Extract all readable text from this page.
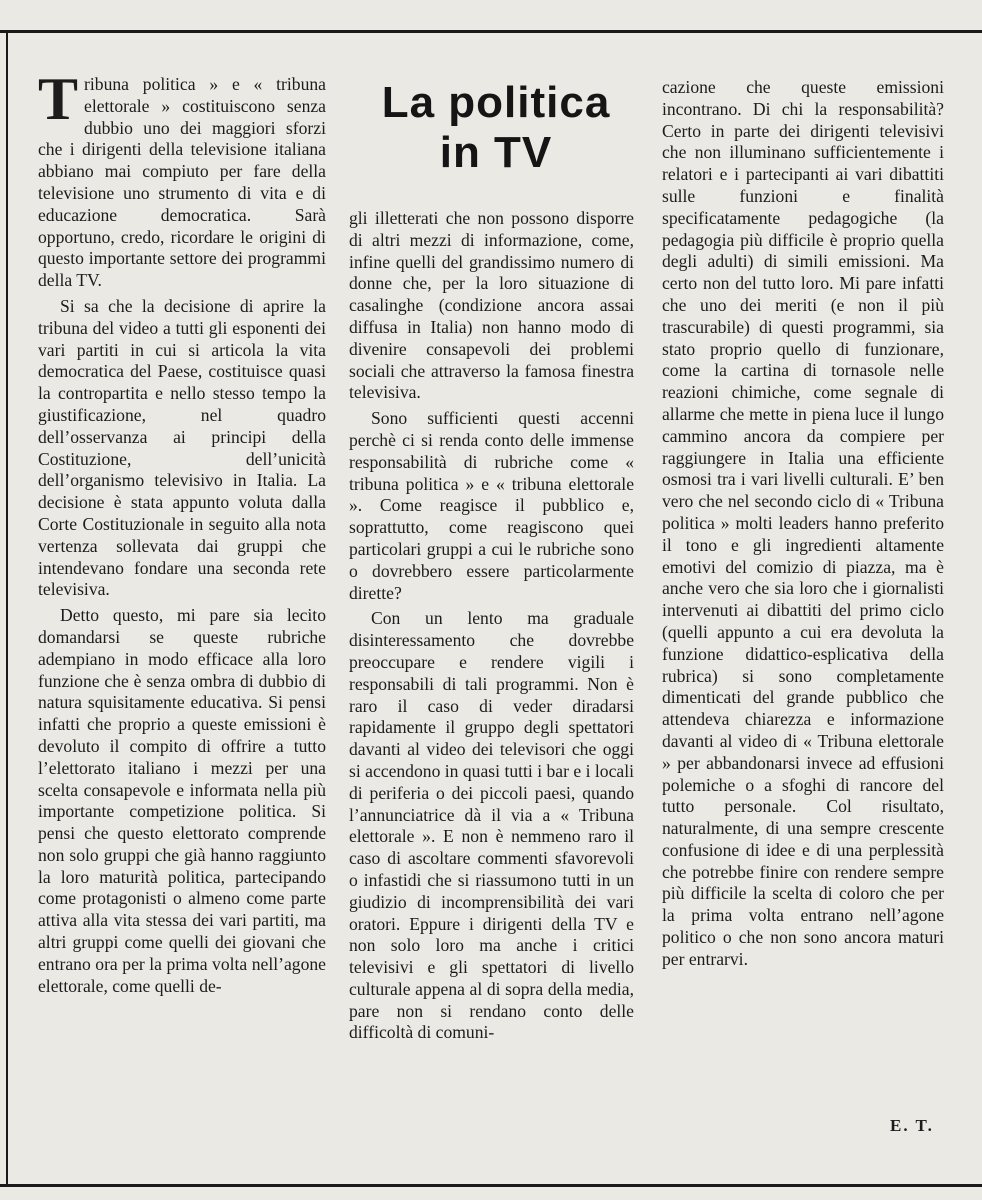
La politica
in TV

Tribuna politica » e « tribuna elettorale » costituiscono senza dubbio uno dei maggiori sforzi che i dirigenti della televisione italiana abbiano mai compiuto per fare della televisione uno strumento di vita e di educazione democratica. Sarà opportuno, credo, ricordare le origini di questo importante settore dei programmi della TV.

Si sa che la decisione di aprire la tribuna del video a tutti gli esponenti dei vari partiti in cui si articola la vita democratica del Paese, costituisce quasi la contropartita e nello stesso tempo la giustificazione, nel quadro dell’osservanza ai principi della Costituzione, dell’unicità dell’organismo televisivo in Italia. La decisione è stata appunto voluta dalla Corte Costituzionale in seguito alla nota vertenza sollevata dai gruppi che intendevano fondare una seconda rete televisiva.

Detto questo, mi pare sia lecito domandarsi se queste rubriche adempiano in modo efficace alla loro funzione che è senza ombra di dubbio di natura squisitamente educativa. Si pensi infatti che proprio a queste emissioni è devoluto il compito di offrire a tutto l’elettorato italiano i mezzi per una scelta consapevole e informata nella più importante competizione politica. Si pensi che questo elettorato comprende non solo gruppi che già hanno raggiunto la loro maturità politica, partecipando come protagonisti o almeno come parte attiva alla vita stessa dei vari partiti, ma altri gruppi come quelli dei giovani che entrano ora per la prima volta nell’agone elettorale, come quelli de-

gli illetterati che non possono disporre di altri mezzi di informazione, come, infine quelli del grandissimo numero di donne che, per la loro situazione di casalinghe (condizione ancora assai diffusa in Italia) non hanno modo di divenire consapevoli dei problemi sociali che attraverso la famosa finestra televisiva.

Sono sufficienti questi accenni perchè ci si renda conto delle immense responsabilità di rubriche come « tribuna politica » e « tribuna elettorale ». Come reagisce il pubblico e, soprattutto, come reagiscono quei particolari gruppi a cui le rubriche sono o dovrebbero essere particolarmente dirette?

Con un lento ma graduale disinteressamento che dovrebbe preoccupare e rendere vigili i responsabili di tali programmi. Non è raro il caso di veder diradarsi rapidamente il gruppo degli spettatori davanti al video dei televisori che oggi si accendono in quasi tutti i bar e i locali di periferia o dei piccoli paesi, quando l’annunciatrice dà il via a « Tribuna elettorale ». E non è nemmeno raro il caso di ascoltare commenti sfavorevoli o infastidi che si riassumono tutti in un giudizio di incomprensibilità dei vari oratori. Eppure i dirigenti della TV e non solo loro ma anche i critici televisivi e gli spettatori di livello culturale appena al di sopra della media, pare non si rendano conto delle difficoltà di comuni-

cazione che queste emissioni incontrano. Di chi la responsabilità? Certo in parte dei dirigenti televisivi che non illuminano sufficientemente i relatori e i partecipanti ai vari dibattiti sulle funzioni e finalità specificatamente pedagogiche (la pedagogia più difficile è proprio quella degli adulti) di simili emissioni. Ma certo non del tutto loro. Mi pare infatti che uno dei meriti (e non il più trascurabile) di questi programmi, sia stato proprio quello di funzionare, come la cartina di tornasole nelle reazioni chimiche, come segnale di allarme che mette in piena luce il lungo cammino ancora da compiere per raggiungere in Italia una efficiente osmosi tra i vari livelli culturali. E’ ben vero che nel secondo ciclo di « Tribuna politica » molti leaders hanno preferito il tono e gli ingredienti altamente emotivi del comizio di piazza, ma è anche vero che sia loro che i giornalisti intervenuti ai dibattiti del primo ciclo (quelli appunto a cui era devoluta la funzione didattico-esplicativa della rubrica) si sono completamente dimenticati del grande pubblico che attendeva chiarezza e informazione davanti al video di « Tribuna elettorale » per abbandonarsi invece ad effusioni polemiche o a sfoghi di rancore del tutto personale. Col risultato, naturalmente, di una sempre crescente confusione di idee e di una perplessità che potrebbe finire con rendere sempre più difficile la scelta di coloro che per la prima volta entrano nell’agone politico o che non sono ancora maturi per entrarvi.

E. T.
